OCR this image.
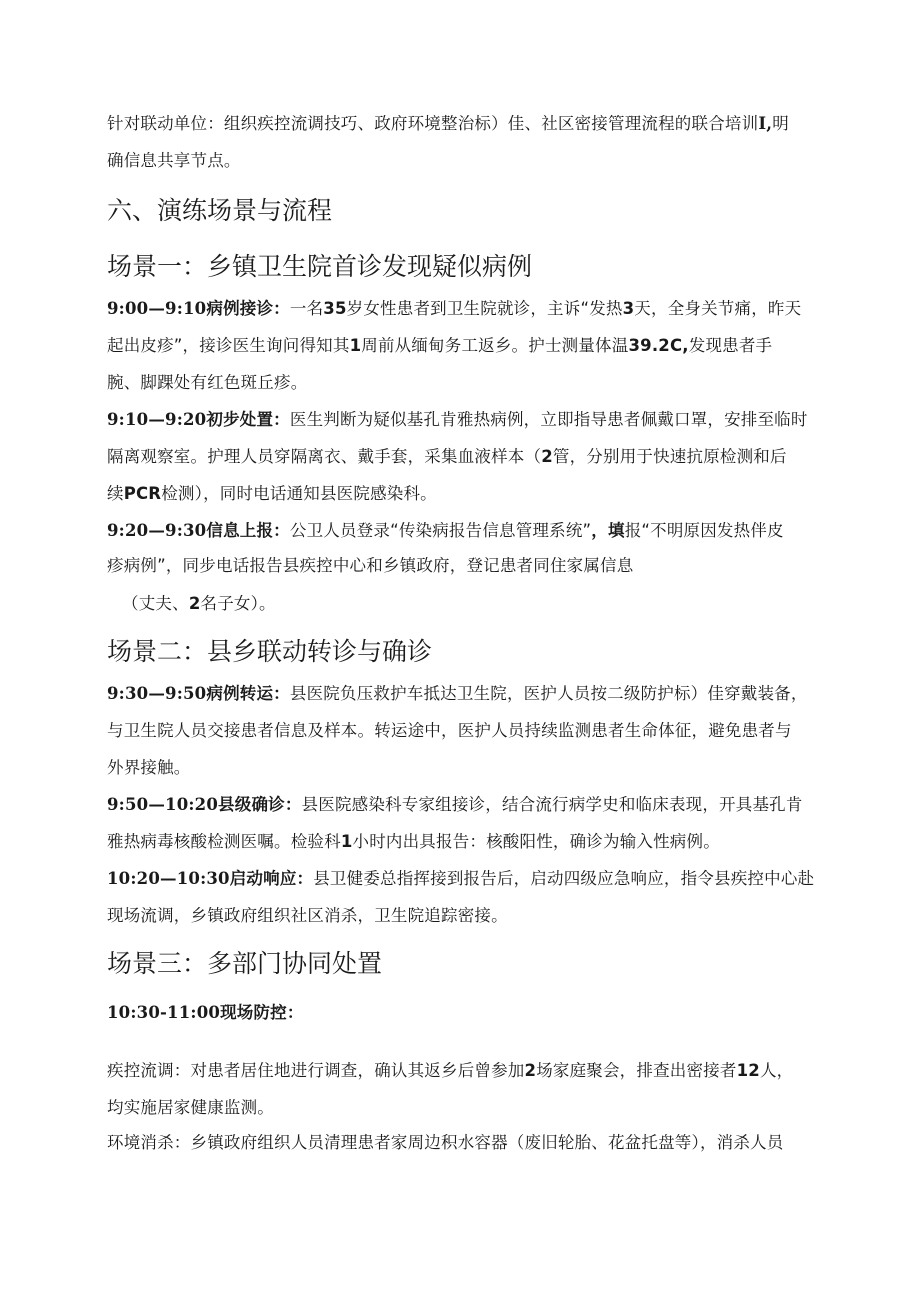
针对联动单位：组织疾控流调技巧、政府环境整治标）佳、社区密接管理流程的联合培训I,明
确信息共享节点。
六、演练场景与流程
场景一：乡镇卫生院首诊发现疑似病例
9:00—9:10病例接诊：一名35岁女性患者到卫生院就诊，主诉“发热3天，全身关节痛，昨天
起出皮疹”，接诊医生询问得知其1周前从缅甸务工返乡。护士测量体温39.2C,发现患者手
腕、脚踝处有红色斑丘疹。
9:10—9:20初步处置：医生判断为疑似基孔肯雅热病例，立即指导患者佩戴口罩，安排至临时
隔离观察室。护理人员穿隔离衣、戴手套，采集血液样本（2管，分别用于快速抗原检测和后
续PCR检测），同时电话通知县医院感染科。
9:20—9:30信息上报：公卫人员登录“传染病报告信息管理系统”，填报“不明原因发热伴皮
疹病例”，同步电话报告县疾控中心和乡镇政府，登记患者同住家属信息
（丈夫、2名子女）。
场景二：县乡联动转诊与确诊
9:30—9:50病例转运：县医院负压救护车抵达卫生院，医护人员按二级防护标）佳穿戴装备，
与卫生院人员交接患者信息及样本。转运途中，医护人员持续监测患者生命体征，避免患者与
外界接触。
9:50—10:20县级确诊：县医院感染科专家组接诊，结合流行病学史和临床表现，开具基孔肯
雅热病毒核酸检测医嘱。检验科1小时内出具报告：核酸阳性，确诊为输入性病例。
10:20—10:30启动响应：县卫健委总指挥接到报告后，启动四级应急响应，指令县疾控中心赴
现场流调，乡镇政府组织社区消杀，卫生院追踪密接。
场景三：多部门协同处置
10:30-11:00现场防控：
疾控流调：对患者居住地进行调查，确认其返乡后曾参加2场家庭聚会，排查出密接者12人，
均实施居家健康监测。
环境消杀：乡镇政府组织人员清理患者家周边积水容器（废旧轮胎、花盆托盘等），消杀人员
